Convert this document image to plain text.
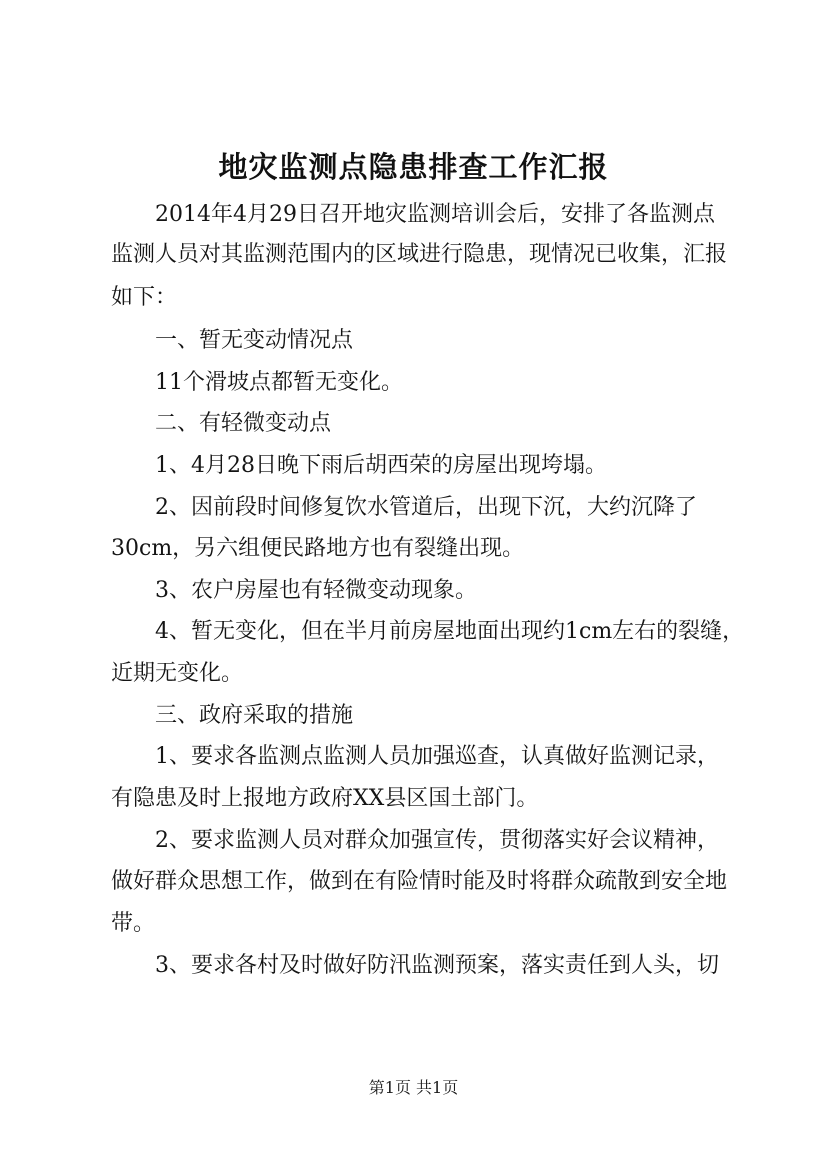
地灾监测点隐患排查工作汇报
2014年4月29日召开地灾监测培训会后，安排了各监测点
监测人员对其监测范围内的区域进行隐患，现情况已收集，汇报
如下：
一、暂无变动情况点
11个滑坡点都暂无变化。
二、有轻微变动点
1、4月28日晚下雨后胡西荣的房屋出现垮塌。
2、因前段时间修复饮水管道后，出现下沉，大约沉降了
30cm，另六组便民路地方也有裂缝出现。
3、农户房屋也有轻微变动现象。
4、暂无变化，但在半月前房屋地面出现约1cm左右的裂缝，
近期无变化。
三、政府采取的措施
1、要求各监测点监测人员加强巡查，认真做好监测记录，
有隐患及时上报地方政府XX县区国土部门。
2、要求监测人员对群众加强宣传，贯彻落实好会议精神，
做好群众思想工作，做到在有险情时能及时将群众疏散到安全地
带。
3、要求各村及时做好防汛监测预案，落实责任到人头，切
第1页 共1页
